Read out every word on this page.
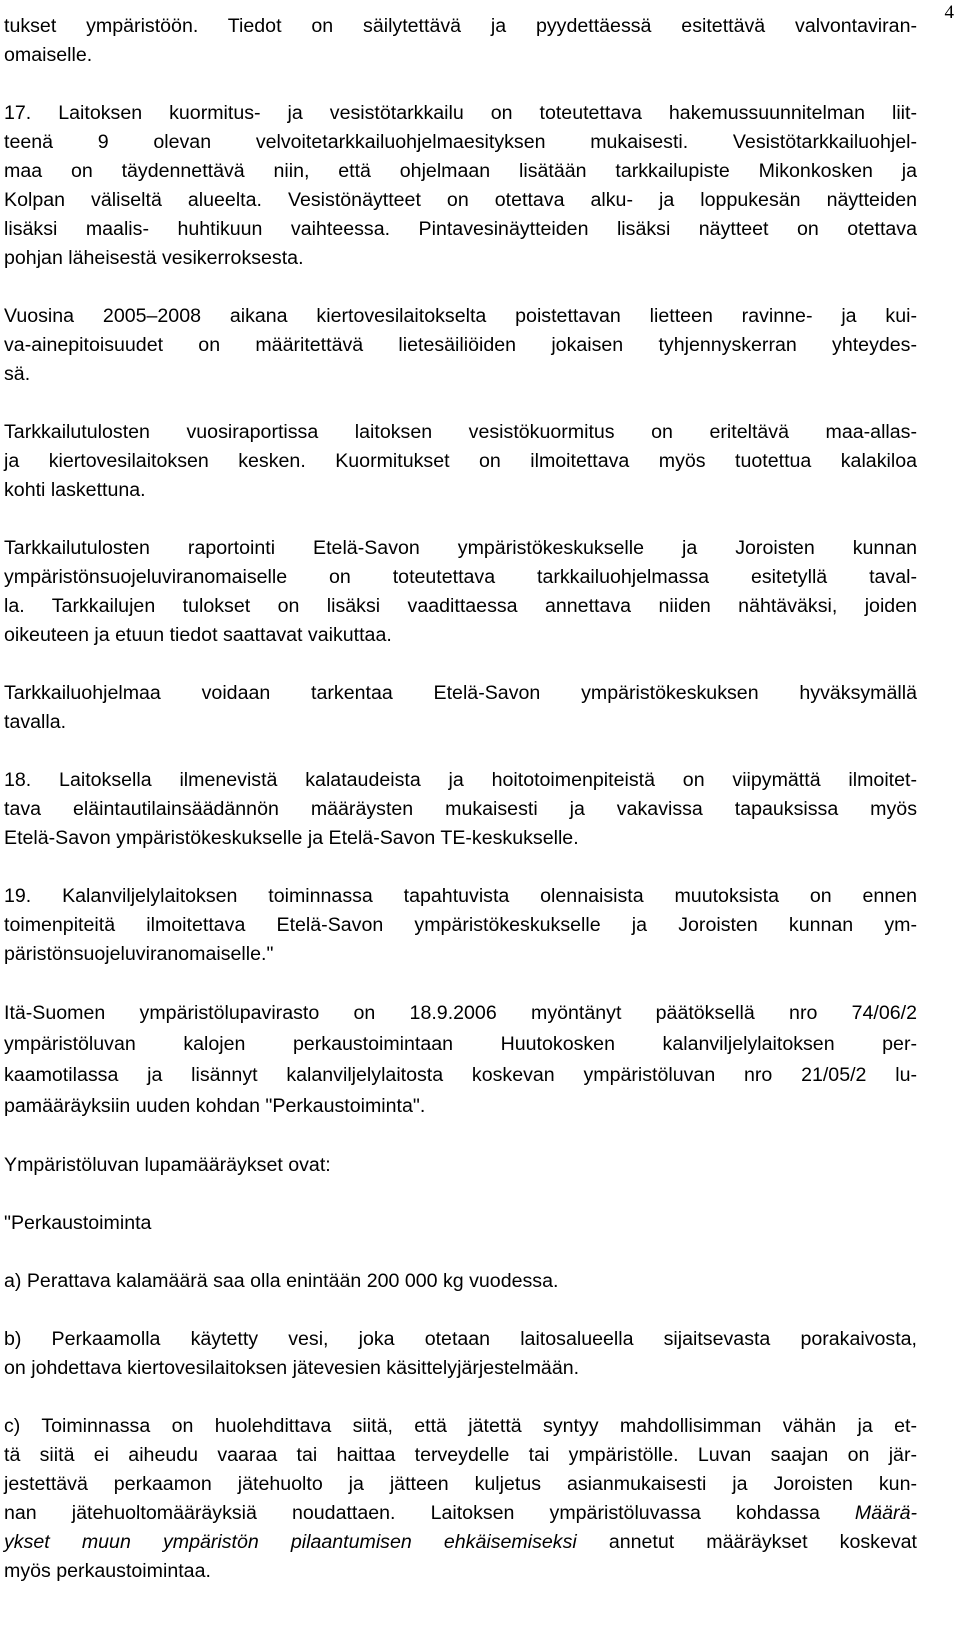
4

tukset ympäristöön. Tiedot on säilytettävä ja pyydettäessä esitettävä valvontaviran-
omaiselle.

17. Laitoksen kuormitus- ja vesistötarkkailu on toteutettava hakemussuunnitelman liit-
teenä 9 olevan velvoitetarkkailuohjelmaesityksen mukaisesti. Vesistötarkkailuohjel-
maa on täydennettävä niin, että ohjelmaan lisätään tarkkailupiste Mikonkosken ja
Kolpan väliseltä alueelta. Vesistönäytteet on otettava alku- ja loppukesän näytteiden
lisäksi maalis- huhtikuun vaihteessa. Pintavesinäytteiden lisäksi näytteet on otettava
pohjan läheisestä vesikerroksesta.

Vuosina 2005–2008 aikana kiertovesilaitokselta poistettavan lietteen ravinne- ja kui-
va-ainepitoisuudet on määritettävä lietesäiliöiden jokaisen tyhjennyskerran yhteydes-
sä.

Tarkkailutulosten vuosiraportissa laitoksen vesistökuormitus on eriteltävä maa-allas-
ja kiertovesilaitoksen kesken. Kuormitukset on ilmoitettava myös tuotettua kalakiloa
kohti laskettuna.

Tarkkailutulosten raportointi Etelä-Savon ympäristökeskukselle ja Joroisten kunnan
ympäristönsuojeluviranomaiselle on toteutettava tarkkailuohjelmassa esitetyllä taval-
la. Tarkkailujen tulokset on lisäksi vaadittaessa annettava niiden nähtäväksi, joiden
oikeuteen ja etuun tiedot saattavat vaikuttaa.

Tarkkailuohjelmaa voidaan tarkentaa Etelä-Savon ympäristökeskuksen hyväksymällä
tavalla.

18. Laitoksella ilmenevistä kalataudeista ja hoitotoimenpiteistä on viipymättä ilmoitet-
tava eläintautilainsäädännön määräysten mukaisesti ja vakavissa tapauksissa myös
Etelä-Savon ympäristökeskukselle ja Etelä-Savon TE-keskukselle.

19. Kalanviljelylaitoksen toiminnassa tapahtuvista olennaisista muutoksista on ennen
toimenpiteitä ilmoitettava Etelä-Savon ympäristökeskukselle ja Joroisten kunnan ym-
päristönsuojeluviranomaiselle."

Itä-Suomen ympäristölupavirasto on 18.9.2006 myöntänyt päätöksellä nro 74/06/2
ympäristöluvan kalojen perkaustoimintaan Huutokosken kalanviljelylaitoksen per-
kaamotilassa ja lisännyt kalanviljelylaitosta koskevan ympäristöluvan nro 21/05/2 lu-
pamääräyksiin uuden kohdan "Perkaustoiminta".

Ympäristöluvan lupamääräykset ovat:

"Perkaustoiminta

a) Perattava kalamäärä saa olla enintään 200 000 kg vuodessa.

b) Perkaamolla käytetty vesi, joka otetaan laitosalueella sijaitsevasta porakaivosta,
on johdettava kiertovesilaitoksen jätevesien käsittelyjärjestelmään.

c) Toiminnassa on huolehdittava siitä, että jätettä syntyy mahdollisimman vähän ja et-
tä siitä ei aiheudu vaaraa tai haittaa terveydelle tai ympäristölle. Luvan saajan on jär-
jestettävä perkaamon jätehuolto ja jätteen kuljetus asianmukaisesti ja Joroisten kun-
nan jätehuoltomääräyksiä noudattaen. Laitoksen ympäristöluvassa kohdassa Määrä-
ykset muun ympäristön pilaantumisen ehkäisemiseksi annetut määräykset koskevat
myös perkaustoimintaa.
